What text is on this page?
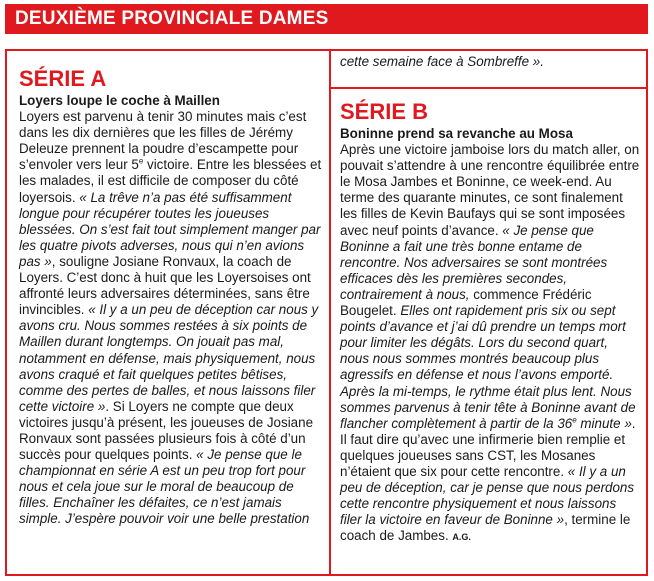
DEUXIÈME PROVINCIALE DAMES
SÉRIE A

Loyers loupe le coche à Maillen

Loyers est parvenu à tenir 30 minutes mais c’est dans les dix dernières que les filles de Jérémy Deleuze prennent la poudre d’escampette pour s’envoler vers leur 5e victoire. Entre les blessées et les malades, il est difficile de composer du côté loyersois. « La trêve n’a pas été suffisamment longue pour récupérer toutes les joueuses blessées. On s’est fait tout simplement manger par les quatre pivots adverses, nous qui n’en avions pas », souligne Josiane Ronvaux, la coach de Loyers. C’est donc à huit que les Loyersoises ont affronté leurs adversaires déterminées, sans être invincibles. « Il y a un peu de déception car nous y avons cru. Nous sommes restées à six points de Maillen durant longtemps. On jouait pas mal, notamment en défense, mais physiquement, nous avons craqué et fait quelques petites bêtises, comme des pertes de balles, et nous laissons filer cette victoire ». Si Loyers ne compte que deux victoires jusqu’à présent, les joueuses de Josiane Ronvaux sont passées plusieurs fois à côté d’un succès pour quelques points. « Je pense que le championnat en série A est un peu trop fort pour nous et cela joue sur le moral de beaucoup de filles. Enchaîner les défaites, ce n’est jamais simple. J’espère pouvoir voir une belle prestation

cette semaine face à Sombreffe ».

SÉRIE B

Boninne prend sa revanche au Mosa

Après une victoire jamboise lors du match aller, on pouvait s’attendre à une rencontre équilibrée entre le Mosa Jambes et Boninne, ce week-end. Au terme des quarante minutes, ce sont finalement les filles de Kevin Baufays qui se sont imposées avec neuf points d’avance. « Je pense que Boninne a fait une très bonne entame de rencontre. Nos adversaires se sont montrées efficaces dès les premières secondes, contrairement à nous, commence Frédéric Bougelet. Elles ont rapidement pris six ou sept points d’avance et j’ai dû prendre un temps mort pour limiter les dégâts. Lors du second quart, nous nous sommes montrés beaucoup plus agressifs en défense et nous l’avons emporté. Après la mi-temps, le rythme était plus lent. Nous sommes parvenus à tenir tête à Boninne avant de flancher complètement à partir de la 36e minute ». Il faut dire qu’avec une infirmerie bien remplie et quelques joueuses sans CST, les Mosanes n’étaient que six pour cette rencontre. « Il y a un peu de déception, car je pense que nous perdons cette rencontre physiquement et nous laissons filer la victoire en faveur de Boninne », termine le coach de Jambes. A.G.
